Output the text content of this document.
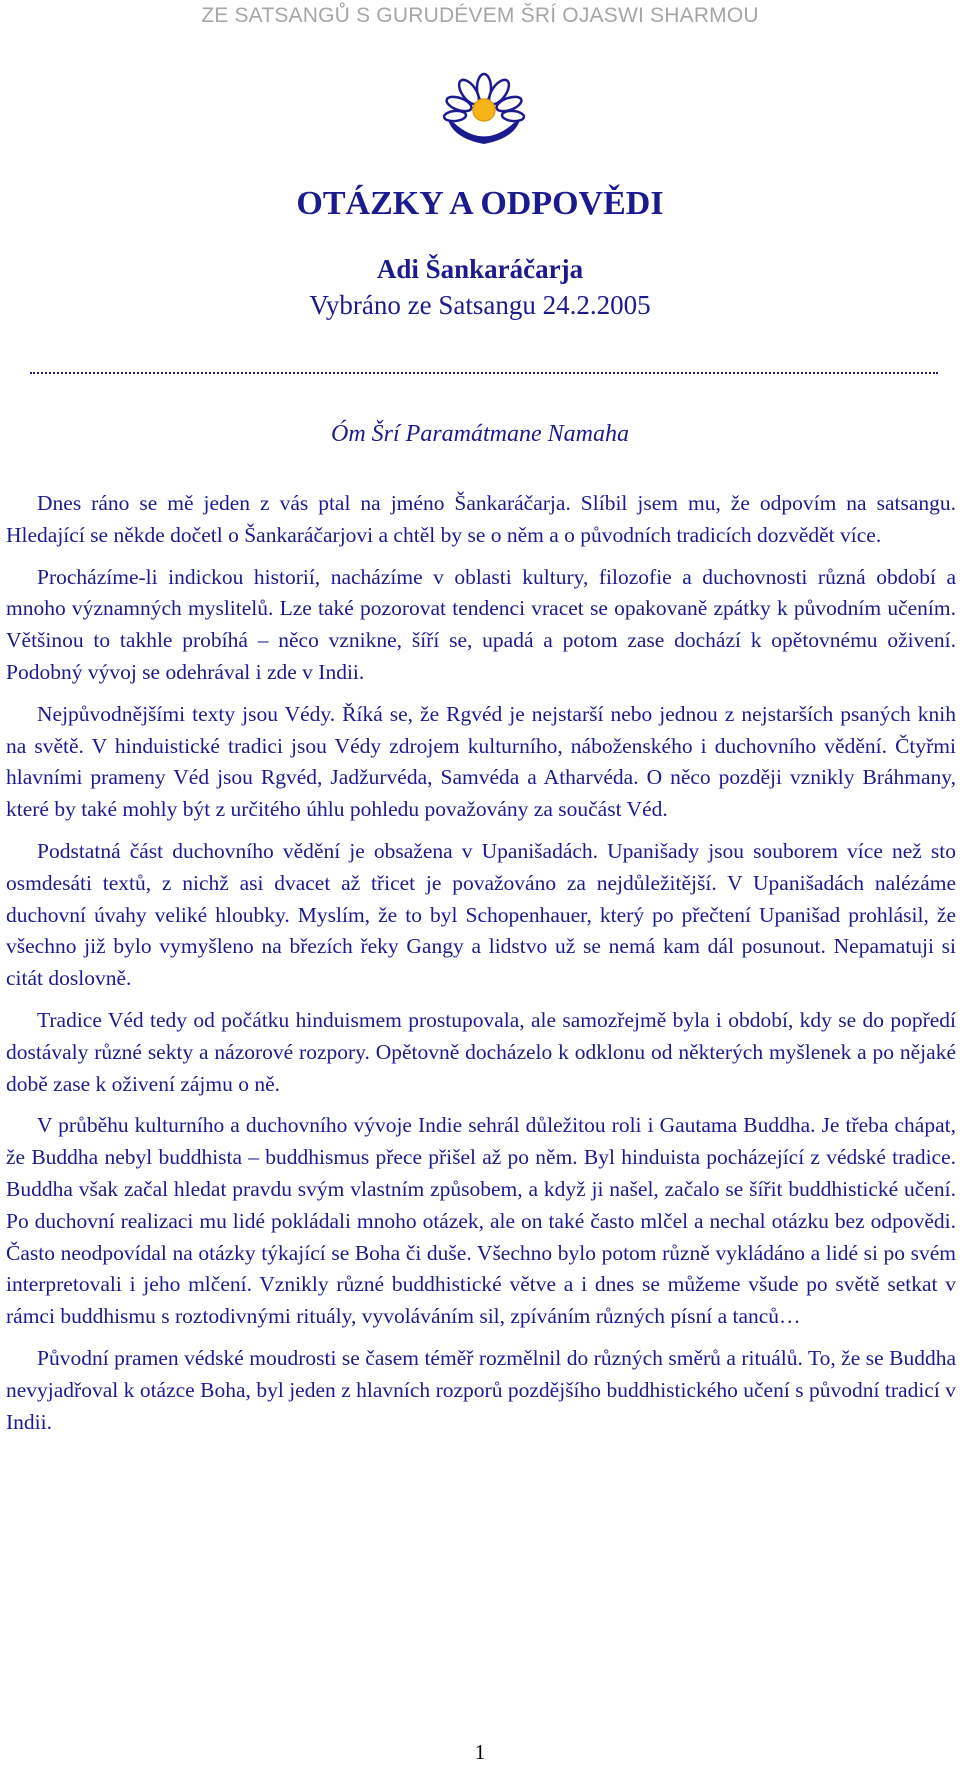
ZE SATSANGŮ S GURUDÉVEM ŠRÍ OJASWI SHARMOU
OTÁZKY A ODPOVĚDI
Adi Šankaráčarja
Vybráno ze Satsangu 24.2.2005
Óm Šrí Paramátmane Namaha

Dnes ráno se mě jeden z vás ptal na jméno Šankaráčarja. Slíbil jsem mu, že odpovím na satsangu. Hledající se někde dočetl o Šankaráčarjovi a chtěl by se o něm a o původních tradicích dozvědět více.

Procházíme-li indickou historií, nacházíme v oblasti kultury, filozofie a duchovnosti různá období a mnoho významných myslitelů. Lze také pozorovat tendenci vracet se opakovaně zpátky k původním učením. Většinou to takhle probíhá – něco vznikne, šíří se, upadá a potom zase dochází k opětovnému oživení. Podobný vývoj se odehrával i zde v Indii.

Nejpůvodnějšími texty jsou Védy. Říká se, že Rgvéd je nejstarší nebo jednou z nejstarších psaných knih na světě. V hinduistické tradici jsou Védy zdrojem kulturního, náboženského i duchovního vědění. Čtyřmi hlavními prameny Véd jsou Rgvéd, Jadžurvéda, Samvéda a Atharvéda. O něco později vznikly Bráhmany, které by také mohly být z určitého úhlu pohledu považovány za součást Véd.

Podstatná část duchovního vědění je obsažena v Upanišadách. Upanišady jsou souborem více než sto osmdesáti textů, z nichž asi dvacet až třicet je považováno za nejdůležitější. V Upanišadách nalézáme duchovní úvahy veliké hloubky. Myslím, že to byl Schopenhauer, který po přečtení Upanišad prohlásil, že všechno již bylo vymyšleno na březích řeky Gangy a lidstvo už se nemá kam dál posunout. Nepamatuji si citát doslovně.

Tradice Véd tedy od počátku hinduismem prostupovala, ale samozřejmě byla i období, kdy se do popředí dostávaly různé sekty a názorové rozpory. Opětovně docházelo k odklonu od některých myšlenek a po nějaké době zase k oživení zájmu o ně.

V průběhu kulturního a duchovního vývoje Indie sehrál důležitou roli i Gautama Buddha. Je třeba chápat, že Buddha nebyl buddhista – buddhismus přece přišel až po něm. Byl hinduista pocházející z védské tradice. Buddha však začal hledat pravdu svým vlastním způsobem, a když ji našel, začalo se šířit buddhistické učení. Po duchovní realizaci mu lidé pokládali mnoho otázek, ale on také často mlčel a nechal otázku bez odpovědi. Často neodpovídal na otázky týkající se Boha či duše. Všechno bylo potom různě vykládáno a lidé si po svém interpretovali i jeho mlčení. Vznikly různé buddhistické větve a i dnes se můžeme všude po světě setkat v rámci buddhismu s roztodivnými rituály, vyvoláváním sil, zpíváním různých písní a tanců…

Původní pramen védské moudrosti se časem téměř rozmělnil do různých směrů a rituálů. To, že se Buddha nevyjadřoval k otázce Boha, byl jeden z hlavních rozporů pozdějšího buddhistického učení s původní tradicí v Indii.

1
